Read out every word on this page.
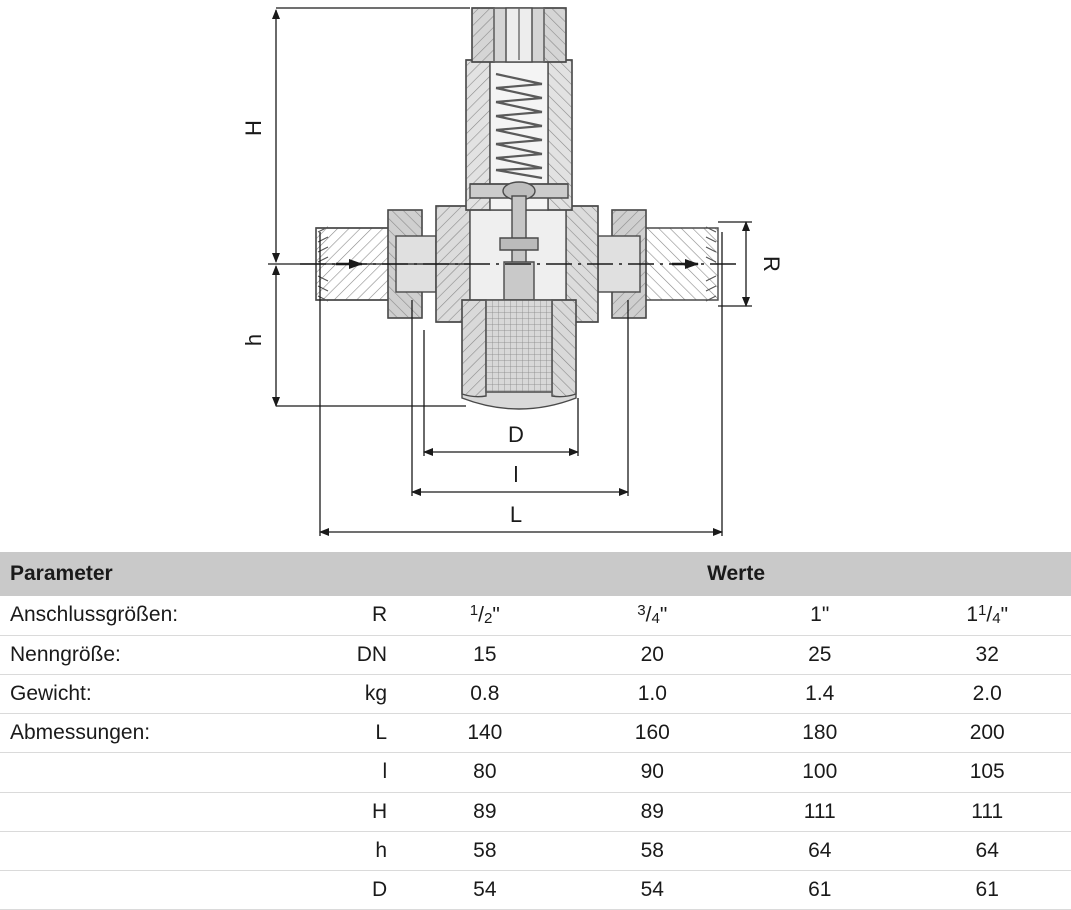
H
h
R
D
l
L
Parameter		Werte			
Anschlussgrößen:	R	$^1/_2$"	$^3/_4$"	1"	$1^1/_4$"
Nenngröße:	DN	15	20	25	32
Gewicht:	kg	0.8	1.0	1.4	2.0
Abmessungen:	L	140	160	180	200
	l	80	90	100	105
	H	89	89	111	111
	h	58	58	64	64
	D	54	54	61	61
